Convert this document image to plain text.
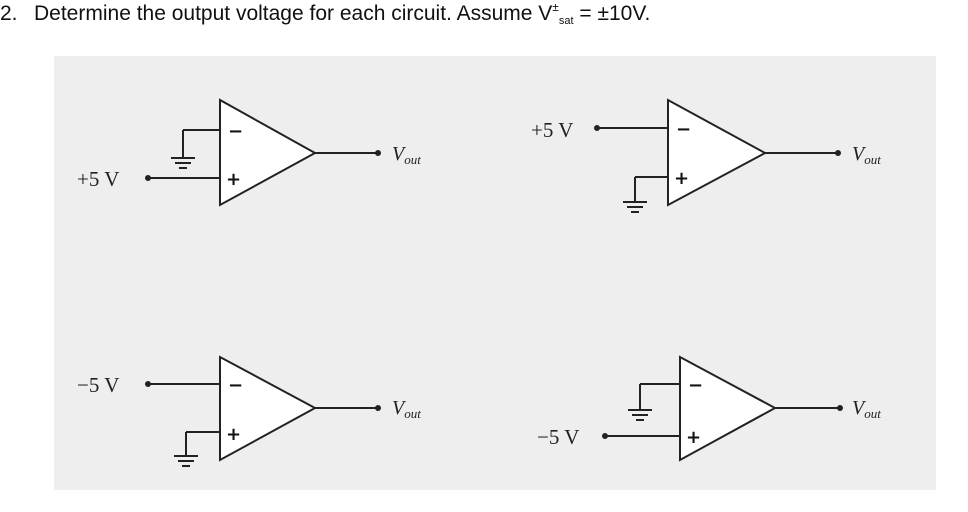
2. Determine the output voltage for each circuit. Assume V±sat = ±10V.
−
+
−
+
−
+
−
+
+5 V
+5 V
−5 V
−5 V
$V_{out}$	$V_{out}$
$V_{out}$	$V_{out}$
